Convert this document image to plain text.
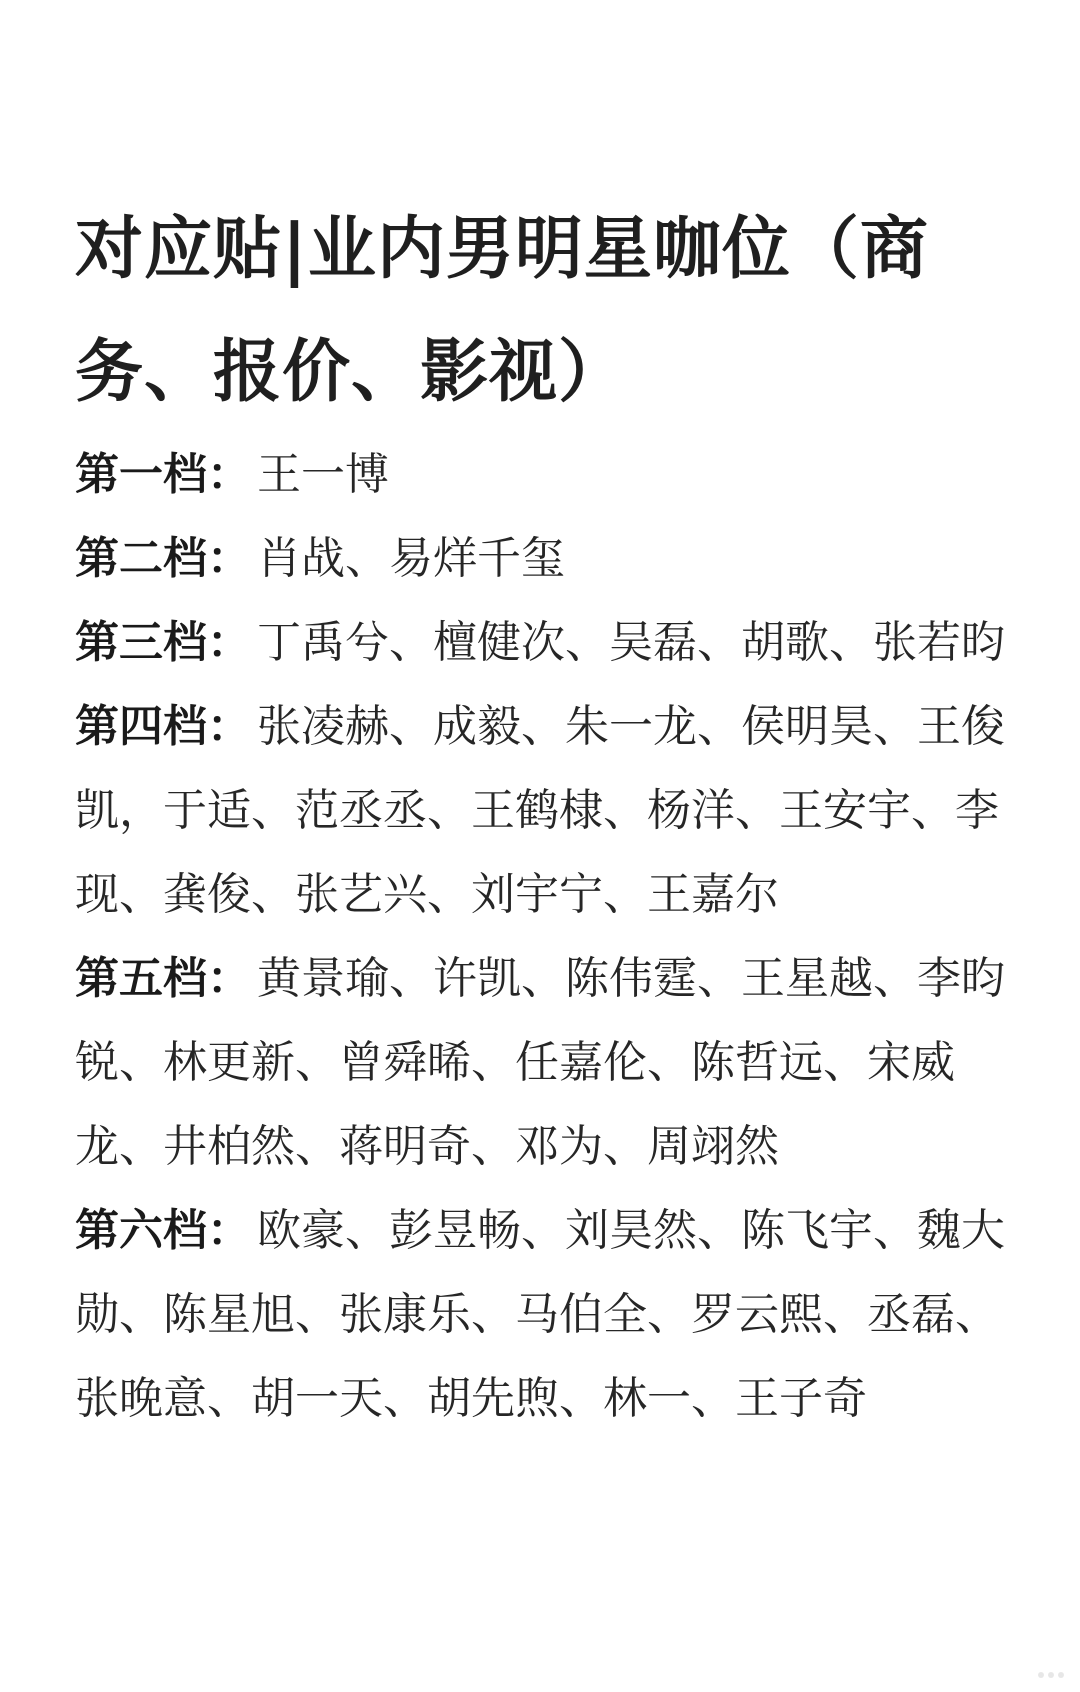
对应贴|业内男明星咖位（商务、报价、影视）

第一档： 王一博

第二档： 肖战、易烊千玺

第三档： 丁禹兮、檀健次、吴磊、胡歌、张若昀

第四档： 张凌赫、成毅、朱一龙、侯明昊、王俊凯，于适、范丞丞、王鹤棣、杨洋、王安宇、李现、龚俊、张艺兴、刘宇宁、王嘉尔

第五档： 黄景瑜、许凯、陈伟霆、王星越、李昀锐、林更新、曾舜晞、任嘉伦、陈哲远、宋威龙、井柏然、蒋明奇、邓为、周翊然

第六档： 欧豪、彭昱畅、刘昊然、陈飞宇、魏大勋、陈星旭、张康乐、马伯全、罗云熙、丞磊、张晚意、胡一天、胡先煦、林一、王子奇
